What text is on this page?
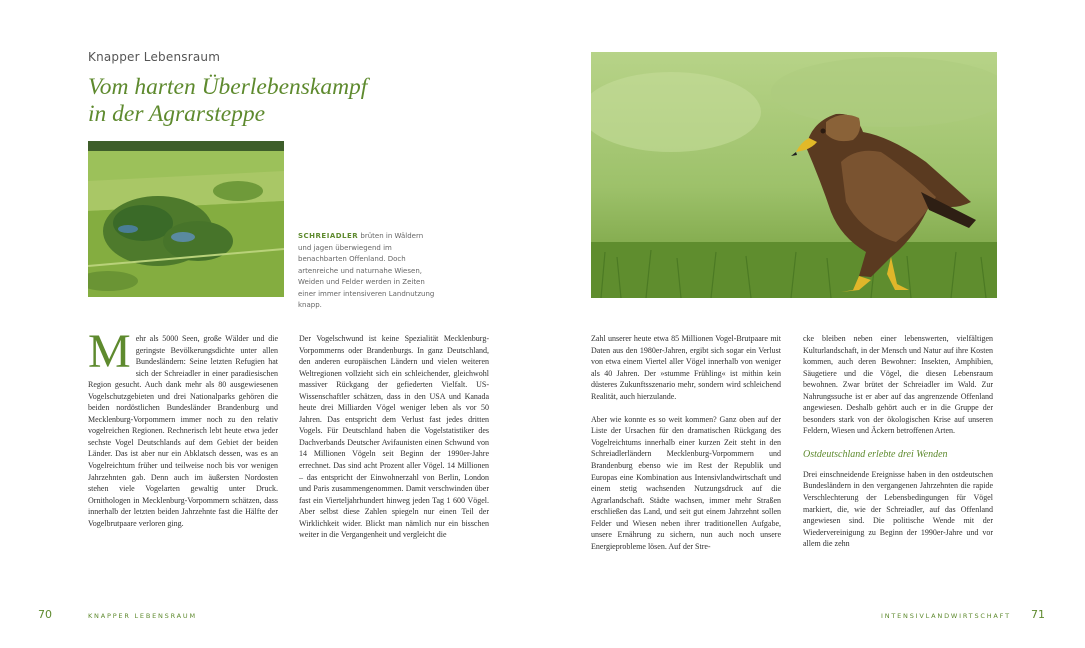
Knapper Lebensraum
Vom harten Überlebenskampf
in der Agrarsteppe
SCHREIADLER brüten in Wäldern und jagen überwiegend im benachbarten Offenland. Doch artenreiche und naturnahe Wiesen, Weiden und Felder werden in Zeiten einer immer intensiveren Landnutzung knapp.

Mehr als 5000 Seen, große Wälder und die geringste Bevölkerungsdichte unter allen Bundesländern: Seine letzten Refugien hat sich der Schreiadler in einer paradiesischen Region gesucht. Auch dank mehr als 80 ausgewiesenen Vogelschutzgebieten und drei Nationalparks gehören die beiden nordöstlichen Bundesländer Brandenburg und Mecklenburg-Vorpommern immer noch zu den relativ vogelreichen Regionen. Rechnerisch lebt heute etwa jeder sechste Vogel Deutschlands auf dem Gebiet der beiden Länder. Das ist aber nur ein Abklatsch dessen, was es an Vogelreichtum früher und teilweise noch bis vor wenigen Jahrzehnten gab. Denn auch im äußersten Nordosten stehen viele Vogelarten gewaltig unter Druck. Ornithologen in Mecklenburg-Vorpommern schätzen, dass innerhalb der letzten beiden Jahrzehnte fast die Hälfte der Vogelbrutpaare verloren ging.

Der Vogelschwund ist keine Spezialität Mecklenburg-Vorpommerns oder Brandenburgs. In ganz Deutschland, den anderen europäischen Ländern und vielen weiteren Weltregionen vollzieht sich ein schleichender, gleichwohl massiver Rückgang der gefiederten Vielfalt. US-Wissenschaftler schätzen, dass in den USA und Kanada heute drei Milliarden Vögel weniger leben als vor 50 Jahren. Das entspricht dem Verlust fast jedes dritten Vogels. Für Deutschland haben die Vogelstatistiker des Dachverbands Deutscher Avifaunisten einen Schwund von 14 Millionen Vögeln seit Beginn der 1990er-Jahre errechnet. Das sind acht Prozent aller Vögel. 14 Millionen – das entspricht der Einwohnerzahl von Berlin, London und Paris zusammengenommen. Damit verschwinden über fast ein Vierteljahrhundert hinweg jeden Tag 1 600 Vögel. Aber selbst diese Zahlen spiegeln nur einen Teil der Wirklichkeit wider. Blickt man nämlich nur ein bisschen weiter in die Vergangenheit und vergleicht die

70	KNAPPER LEBENSRAUM

Zahl unserer heute etwa 85 Millionen Vogel-Brutpaare mit Daten aus den 1980er-Jahren, ergibt sich sogar ein Verlust von etwa einem Viertel aller Vögel innerhalb von weniger als 40 Jahren. Der »stumme Frühling« ist mithin kein düsteres Zukunftsszenario mehr, sondern wird schleichend Realität, auch hierzulande.

Aber wie konnte es so weit kommen? Ganz oben auf der Liste der Ursachen für den dramatischen Rückgang des Vogelreichtums innerhalb einer kurzen Zeit steht in den Schreiadlerländern Mecklenburg-Vorpommern und Brandenburg ebenso wie im Rest der Republik und Europas eine Kombination aus Intensivlandwirtschaft und einem stetig wachsenden Nutzungsdruck auf die Agrarlandschaft. Städte wachsen, immer mehr Straßen erschließen das Land, und seit gut einem Jahrzehnt sollen Felder und Wiesen neben ihrer traditionellen Aufgabe, unsere Ernährung zu sichern, nun auch noch unsere Energieprobleme lösen. Auf der Stre-

cke bleiben neben einer lebenswerten, vielfältigen Kulturlandschaft, in der Mensch und Natur auf ihre Kosten kommen, auch deren Bewohner: Insekten, Amphibien, Säugetiere und die Vögel, die diesen Lebensraum bewohnen. Zwar brütet der Schreiadler im Wald. Zur Nahrungssuche ist er aber auf das angrenzende Offenland angewiesen. Deshalb gehört auch er in die Gruppe der besonders stark von der ökologischen Krise auf unseren Feldern, Wiesen und Äckern betroffenen Arten.

Ostdeutschland erlebte drei Wenden

Drei einschneidende Ereignisse haben in den ostdeutschen Bundesländern in den vergangenen Jahrzehnten die rapide Verschlechterung der Lebensbedingungen für Vögel markiert, die, wie der Schreiadler, auf das Offenland angewiesen sind. Die politische Wende mit der Wiedervereinigung zu Beginn der 1990er-Jahre und vor allem die zehn

INTENSIVLANDWIRTSCHAFT 71
